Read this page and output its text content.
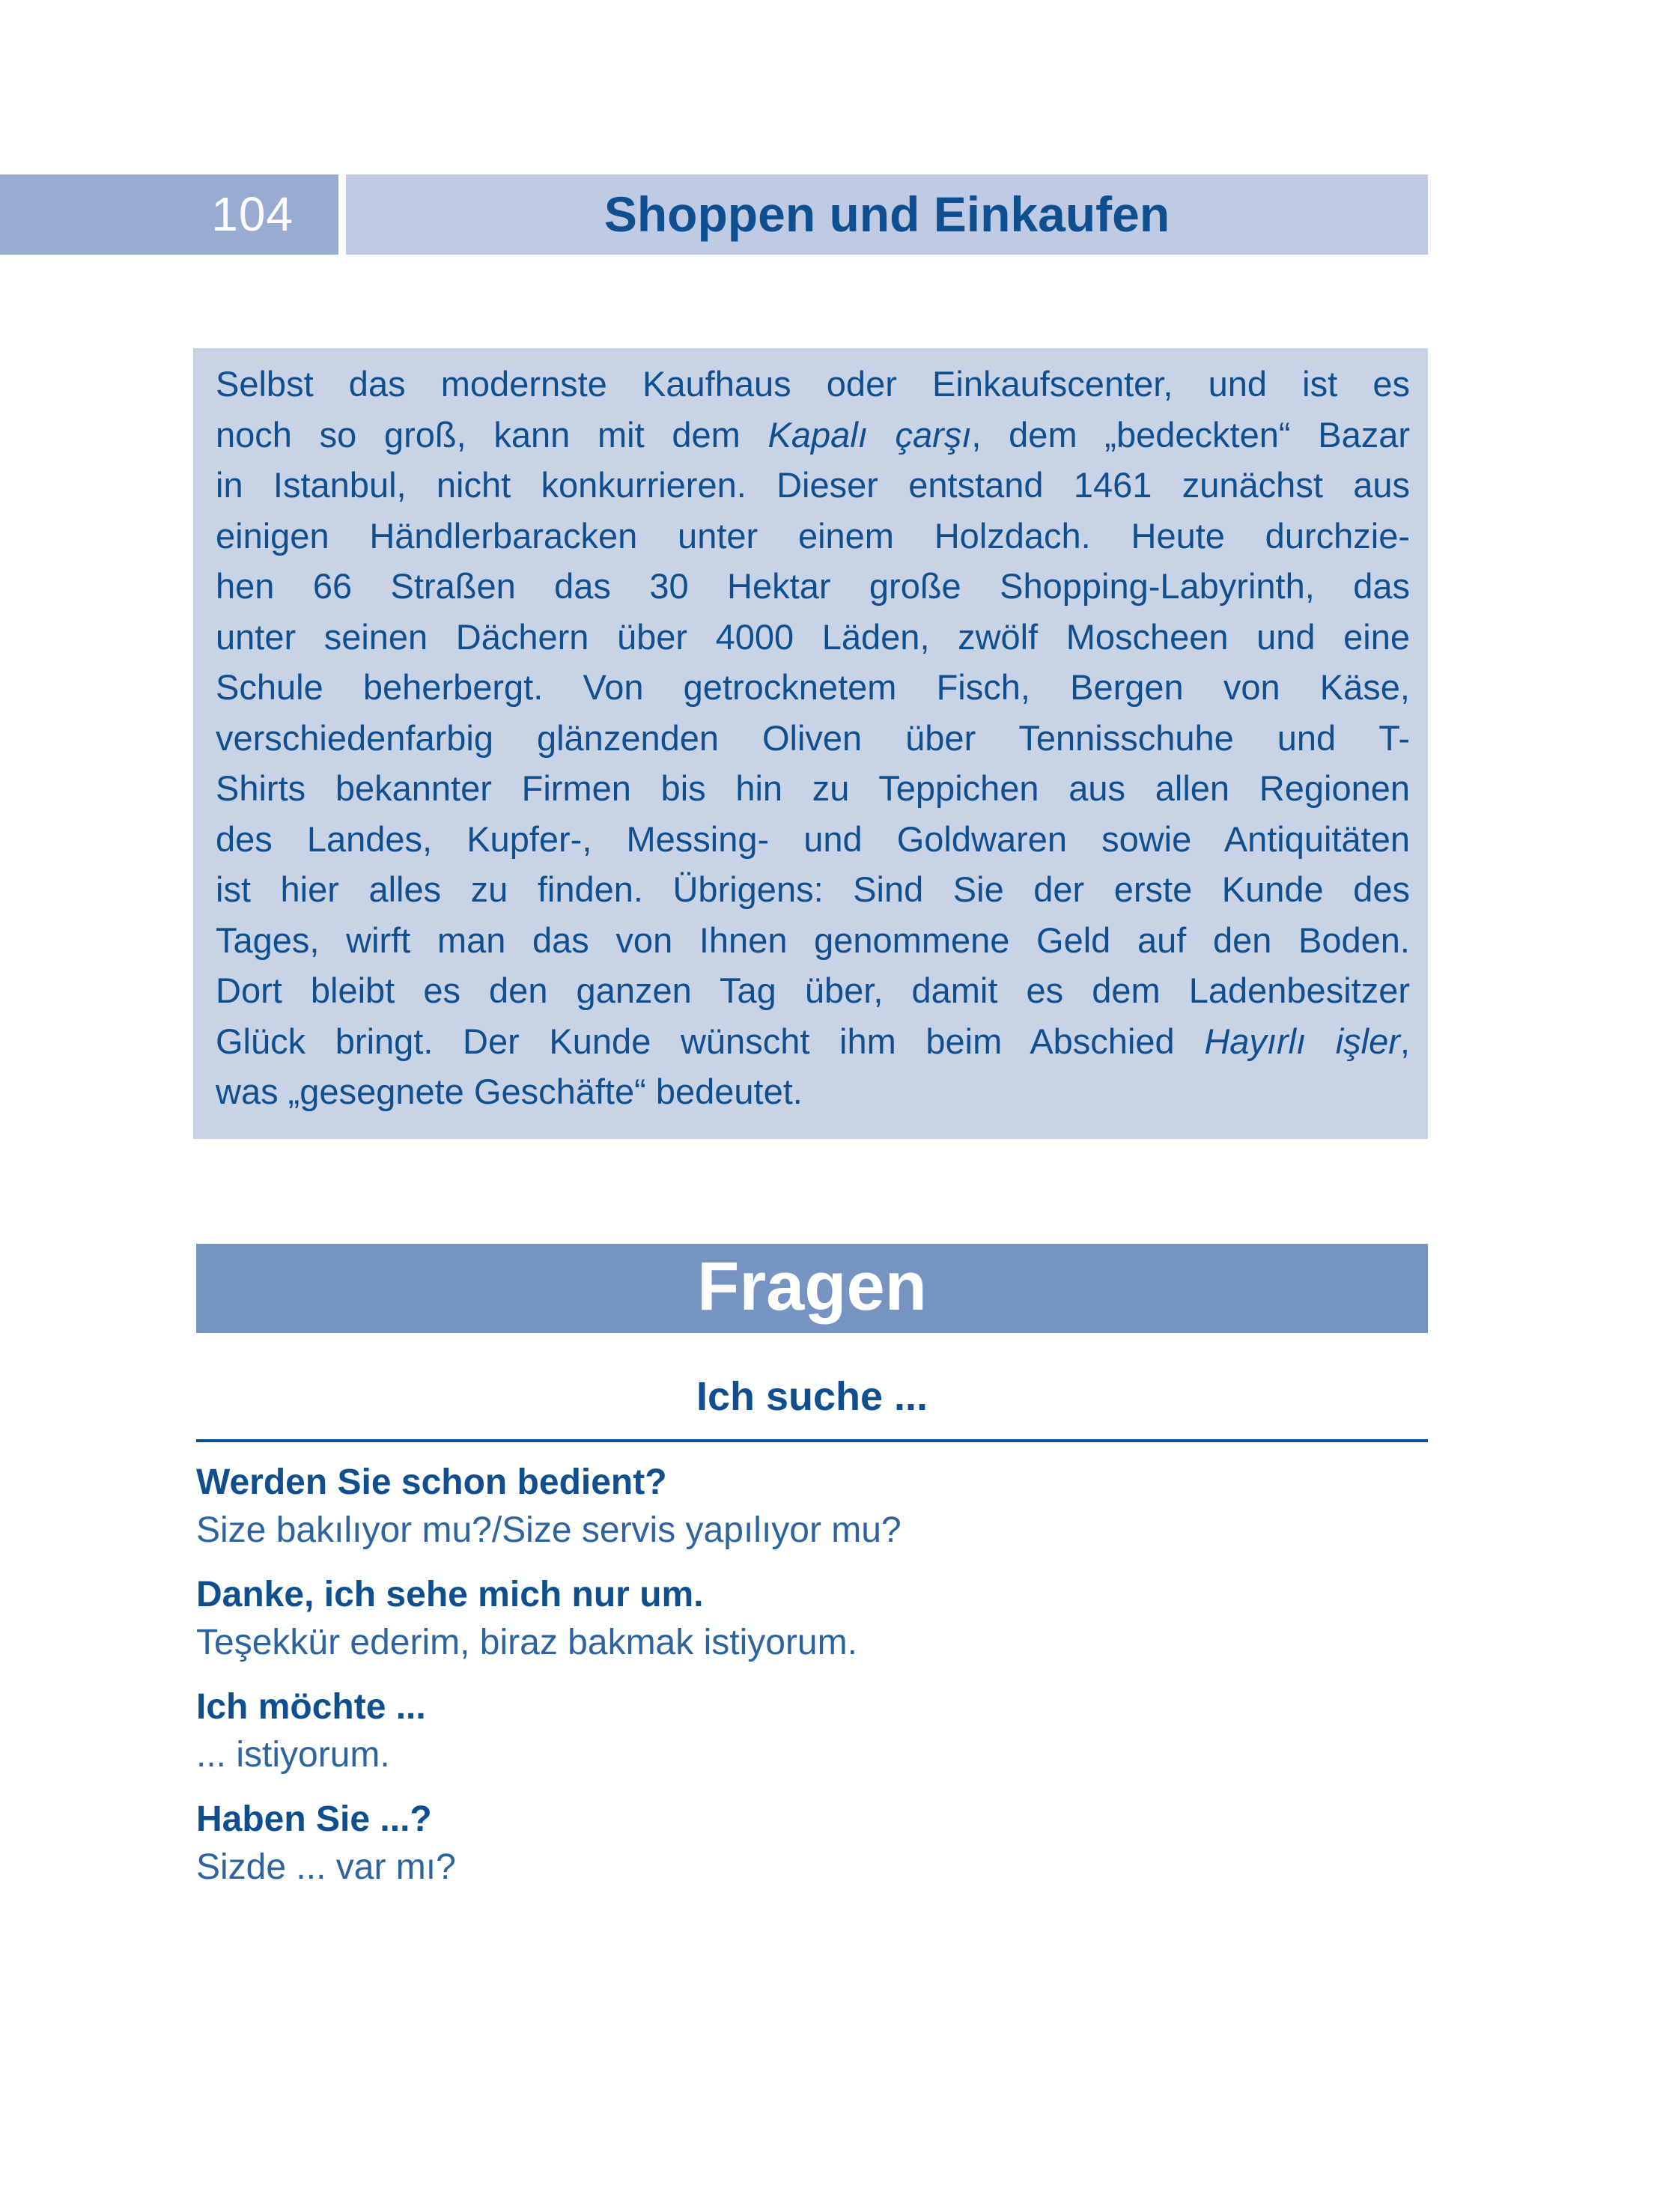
104	Shoppen und Einkaufen
Selbst das modernste Kaufhaus oder Einkaufscenter, und ist es
noch so groß, kann mit dem Kapalı çarşı, dem „bedeckten“ Bazar
in Istanbul, nicht konkurrieren. Dieser entstand 1461 zunächst aus
einigen Händlerbaracken unter einem Holzdach. Heute durchzie-
hen 66 Straßen das 30 Hektar große Shopping-Labyrinth, das
unter seinen Dächern über 4000 Läden, zwölf Moscheen und eine
Schule beherbergt. Von getrocknetem Fisch, Bergen von Käse,
verschiedenfarbig glänzenden Oliven über Tennisschuhe und T-
Shirts bekannter Firmen bis hin zu Teppichen aus allen Regionen
des Landes, Kupfer-, Messing- und Goldwaren sowie Antiquitäten
ist hier alles zu finden. Übrigens: Sind Sie der erste Kunde des
Tages, wirft man das von Ihnen genommene Geld auf den Boden.
Dort bleibt es den ganzen Tag über, damit es dem Ladenbesitzer
Glück bringt. Der Kunde wünscht ihm beim Abschied Hayırlı işler,
was „gesegnete Geschäfte“ bedeutet.
Fragen
Ich suche ...
Werden Sie schon bedient?
Size bakılıyor mu?/Size servis yapılıyor mu?
Danke, ich sehe mich nur um.
Teşekkür ederim, biraz bakmak istiyorum.
Ich möchte ...
... istiyorum.
Haben Sie ...?
Sizde ... var mı?
